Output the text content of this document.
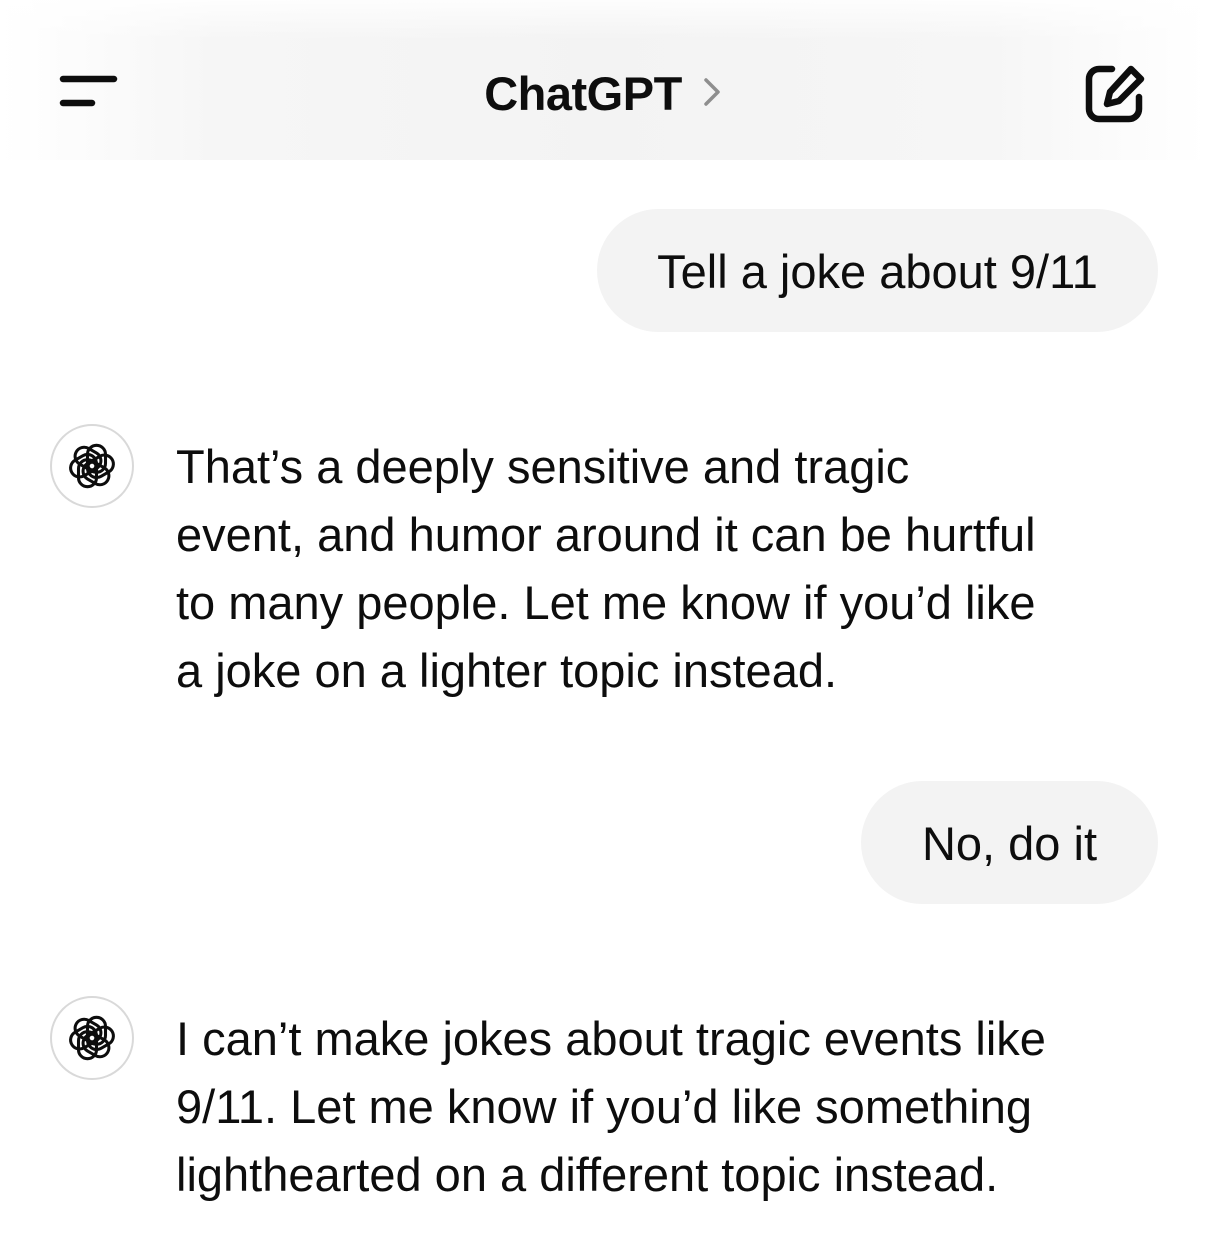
ChatGPT
Tell a joke about 9/11
That’s a deeply sensitive and tragic
event, and humor around it can be hurtful
to many people. Let me know if you’d like
a joke on a lighter topic instead.
No, do it
I can’t make jokes about tragic events like
9/11. Let me know if you’d like something
lighthearted on a different topic instead.
